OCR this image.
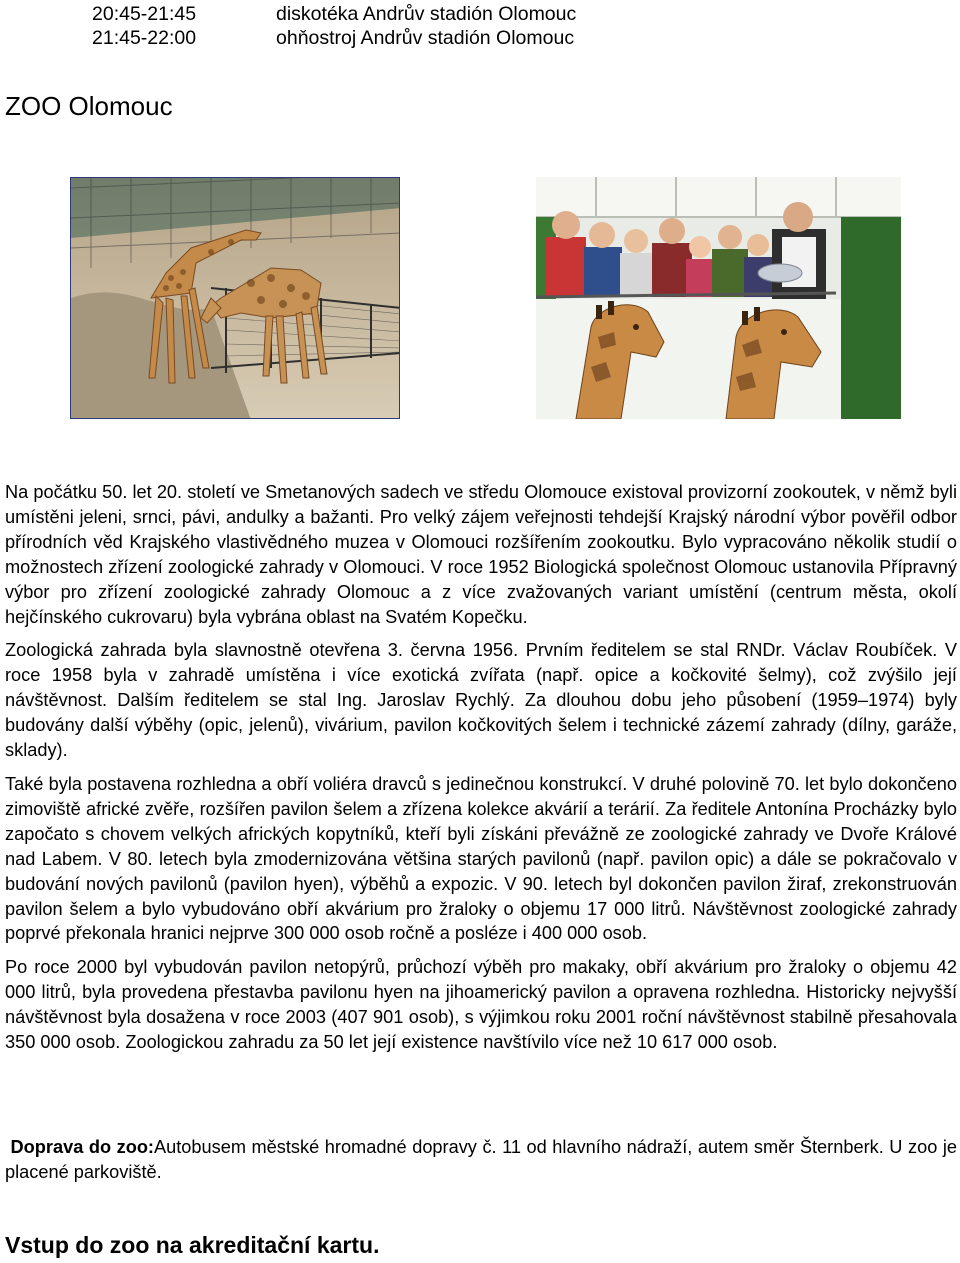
20:45-21:45	diskotéka Andrův stadión Olomouc
21:45-22:00	ohňostroj Andrův stadión Olomouc
ZOO Olomouc

Na počátku 50. let 20. století ve Smetanových sadech ve středu Olomouce existoval provizorní zookoutek, v němž byli umístěni jeleni, srnci, pávi, andulky a bažanti. Pro velký zájem veřejnosti tehdejší Krajský národní výbor pověřil odbor přírodních věd Krajského vlastivědného muzea v Olomouci rozšířením zookoutku. Bylo vypracováno několik studií o možnostech zřízení zoologické zahrady v Olomouci. V roce 1952 Biologická společnost Olomouc ustanovila Přípravný výbor pro zřízení zoologické zahrady Olomouc a z více zvažovaných variant umístění (centrum města, okolí hejčínského cukrovaru) byla vybrána oblast na Svatém Kopečku.

Zoologická zahrada byla slavnostně otevřena 3. června 1956. Prvním ředitelem se stal RNDr. Václav Roubíček. V roce 1958 byla v zahradě umístěna i více exotická zvířata (např. opice a kočkovité šelmy), což zvýšilo její návštěvnost. Dalším ředitelem se stal Ing. Jaroslav Rychlý. Za dlouhou dobu jeho působení (1959–1974) byly budovány další výběhy (opic, jelenů), vivárium, pavilon kočkovitých šelem i technické zázemí zahrady (dílny, garáže, sklady).

Také byla postavena rozhledna a obří voliéra dravců s jedinečnou konstrukcí. V druhé polovině 70. let bylo dokončeno zimoviště africké zvěře, rozšířen pavilon šelem a zřízena kolekce akvárií a terárií. Za ředitele Antonína Procházky bylo započato s chovem velkých afrických kopytníků, kteří byli získáni převážně ze zoologické zahrady ve Dvoře Králové nad Labem. V 80. letech byla zmodernizována většina starých pavilonů (např. pavilon opic) a dále se pokračovalo v budování nových pavilonů (pavilon hyen), výběhů a expozic. V 90. letech byl dokončen pavilon žiraf, zrekonstruován pavilon šelem a bylo vybudováno obří akvárium pro žraloky o objemu 17 000 litrů. Návštěvnost zoologické zahrady poprvé překonala hranici nejprve 300 000 osob ročně a posléze i 400 000 osob.

Po roce 2000 byl vybudován pavilon netopýrů, průchozí výběh pro makaky, obří akvárium pro žraloky o objemu 42 000 litrů, byla provedena přestavba pavilonu hyen na jihoamerický pavilon a opravena rozhledna. Historicky nejvyšší návštěvnost byla dosažena v roce 2003 (407 901 osob), s výjimkou roku 2001 roční návštěvnost stabilně přesahovala 350 000 osob. Zoologickou zahradu za 50 let její existence navštívilo více než 10 617 000 osob.

Doprava do zoo:Autobusem městské hromadné dopravy č. 11 od hlavního nádraží, autem směr Šternberk. U zoo je placené parkoviště.
Vstup do zoo na akreditační kartu.
